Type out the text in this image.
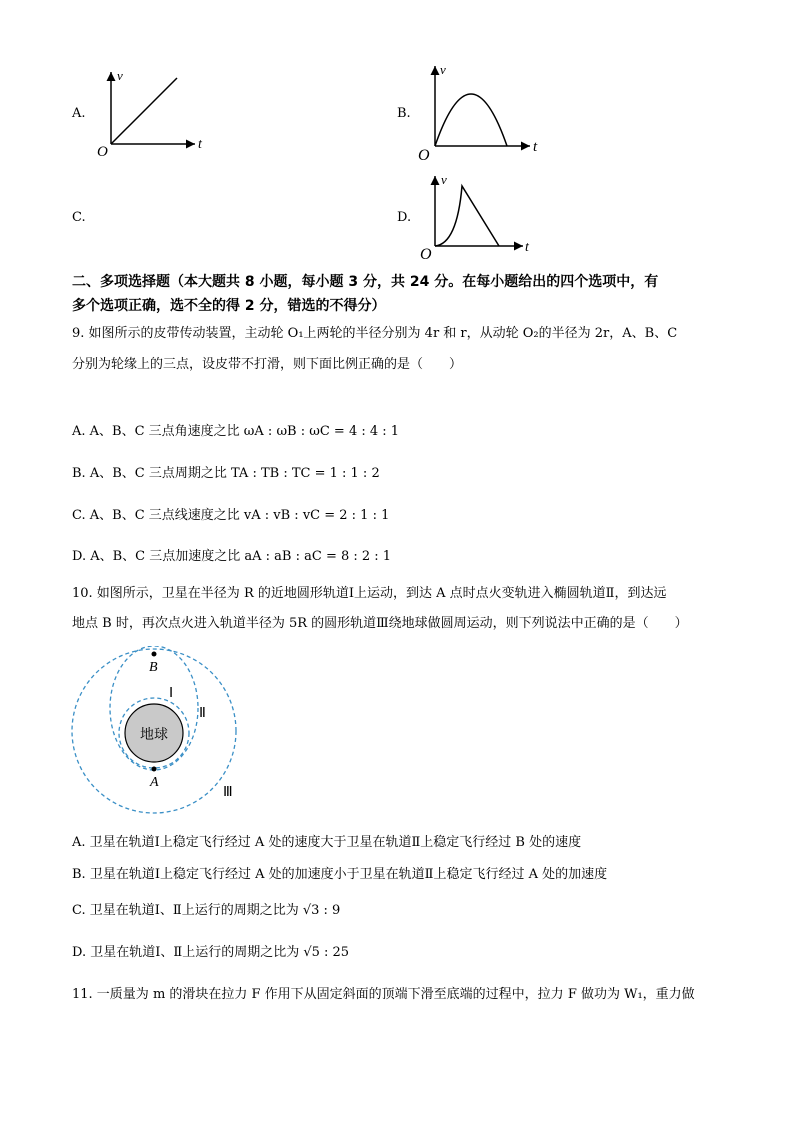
A.
v
t
O
B.
v
t
O
C.	D.
v
t
O
二、多项选择题（本大题共 8 小题，每小题 3 分，共 24 分。在每小题给出的四个选项中，有
多个选项正确，选不全的得 2 分，错选的不得分）
9. 如图所示的皮带传动装置，主动轮 O₁上两轮的半径分别为 4r 和 r，从动轮 O₂的半径为 2r，A、B、C
分别为轮缘上的三点，设皮带不打滑，则下面比例正确的是（　　）
A. A、B、C 三点角速度之比 ωA : ωB : ωC = 4 : 4 : 1
B. A、B、C 三点周期之比 TA : TB : TC = 1 : 1 : 2
C. A、B、C 三点线速度之比 vA : vB : vC = 2 : 1 : 1
D. A、B、C 三点加速度之比 aA : aB : aC = 8 : 2 : 1
10. 如图所示，卫星在半径为 R 的近地圆形轨道Ⅰ上运动，到达 A 点时点火变轨进入椭圆轨道Ⅱ，到达远
地点 B 时，再次点火进入轨道半径为 5R 的圆形轨道Ⅲ绕地球做圆周运动，则下列说法中正确的是（　　）
地球
B
A
Ⅰ
Ⅱ
Ⅲ
A. 卫星在轨道Ⅰ上稳定飞行经过 A 处的速度大于卫星在轨道Ⅱ上稳定飞行经过 B 处的速度
B. 卫星在轨道Ⅰ上稳定飞行经过 A 处的加速度小于卫星在轨道Ⅱ上稳定飞行经过 A 处的加速度
C. 卫星在轨道Ⅰ、Ⅱ上运行的周期之比为 √3 : 9
D. 卫星在轨道Ⅰ、Ⅱ上运行的周期之比为 √5 : 25
11. 一质量为 m 的滑块在拉力 F 作用下从固定斜面的顶端下滑至底端的过程中，拉力 F 做功为 W₁，重力做
